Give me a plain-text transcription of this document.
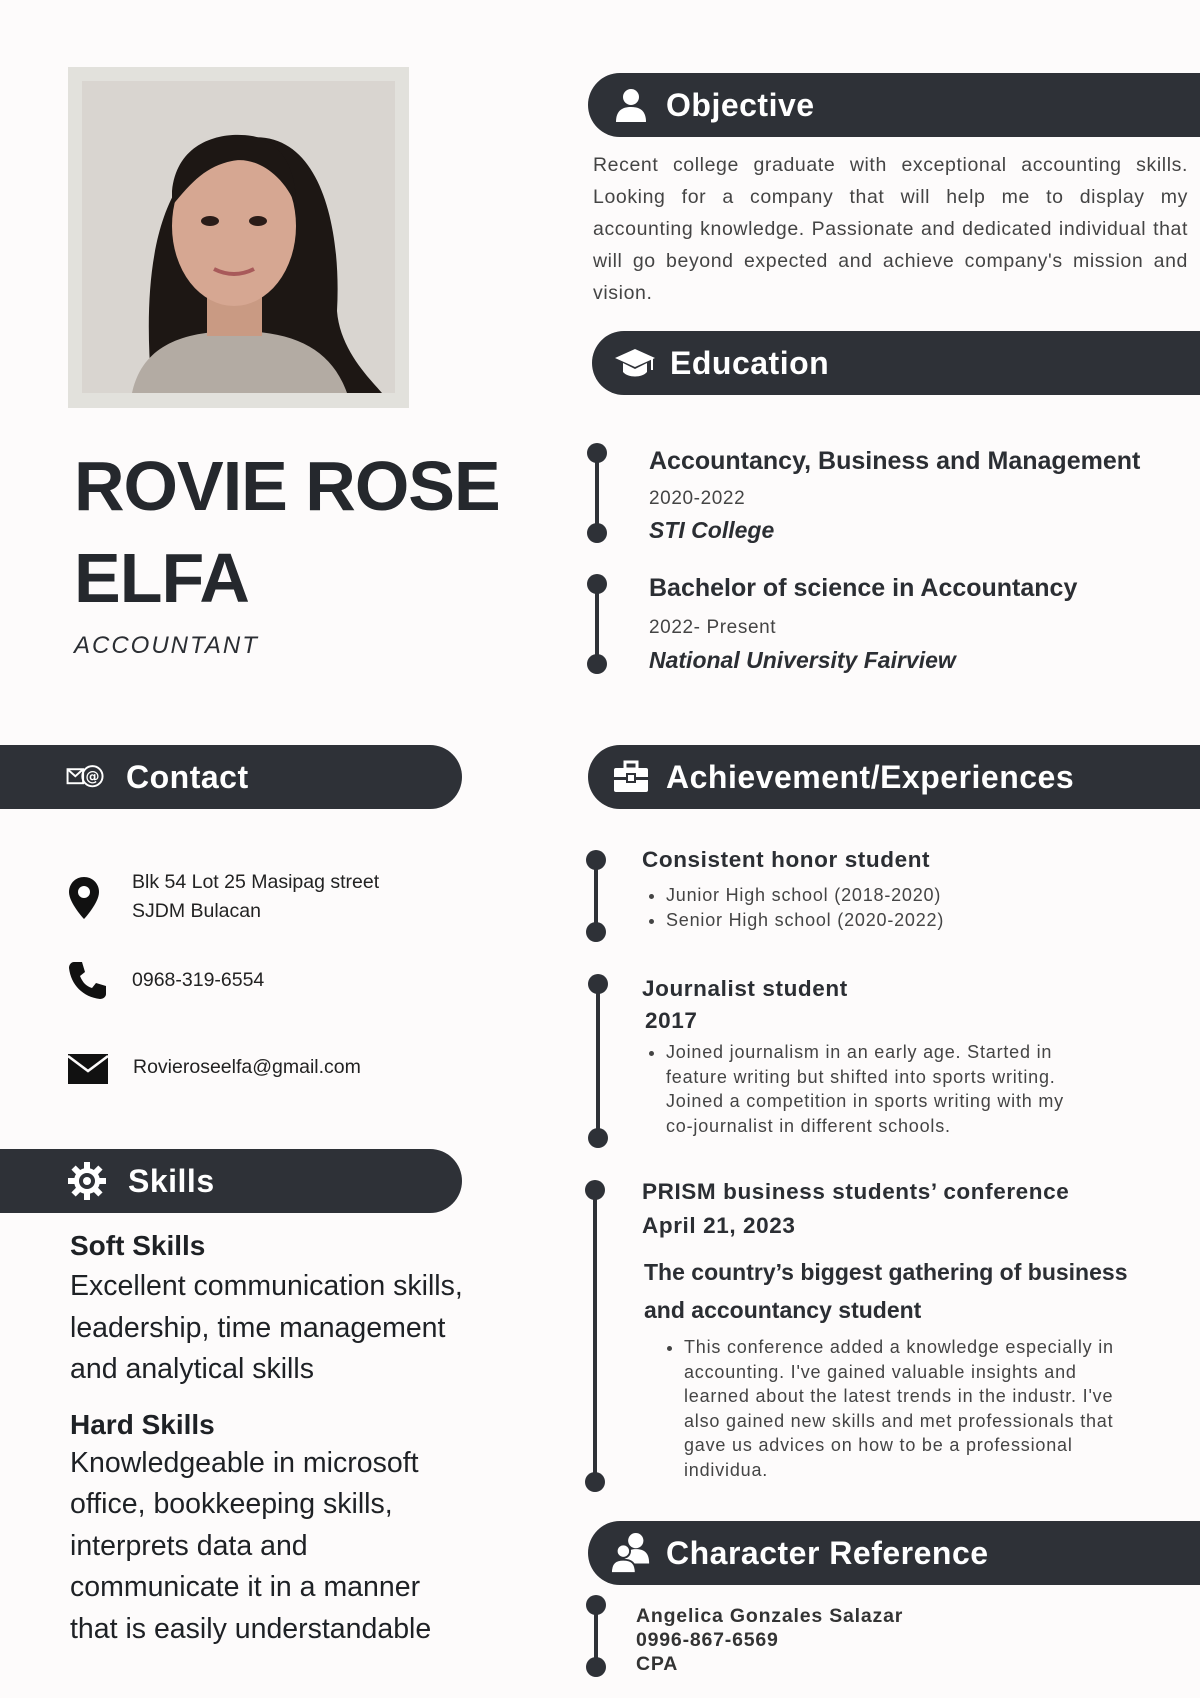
ROVIE ROSE
ELFA
ACCOUNTANT
Objective
Recent college graduate with exceptional accounting skills. Looking for a company that will help me to display my accounting knowledge. Passionate and dedicated individual that will go beyond expected and achieve company's mission and vision.
Education
Accountancy, Business and Management
2020-2022
STI College
Bachelor of science in Accountancy
2022- Present
National University Fairview
@ Contact
Blk 54 Lot 25 Masipag street
SJDM Bulacan
0968-319-6554
Rovieroseelfa@gmail.com
Skills
Soft Skills
Excellent communication skills,
leadership, time management
and analytical skills
Hard Skills
Knowledgeable in microsoft
office, bookkeeping skills,
interprets data and
communicate it in a manner
that is easily understandable
Achievement/Experiences
Consistent honor student
• Junior High school (2018-2020)
• Senior High school (2020-2022)
Journalist student
2017
• Joined journalism in an early age. Started in feature writing but shifted into sports writing. Joined a competition in sports writing with my co-journalist in different schools.
PRISM business students’ conference
April 21, 2023
The country’s biggest gathering of business
and accountancy student
• This conference added a knowledge especially in accounting. I've gained valuable insights and learned about the latest trends in the industr. I've also gained new skills and met professionals that gave us advices on how to be a professional individua.
Character Reference
Angelica Gonzales Salazar
0996-867-6569
CPA
